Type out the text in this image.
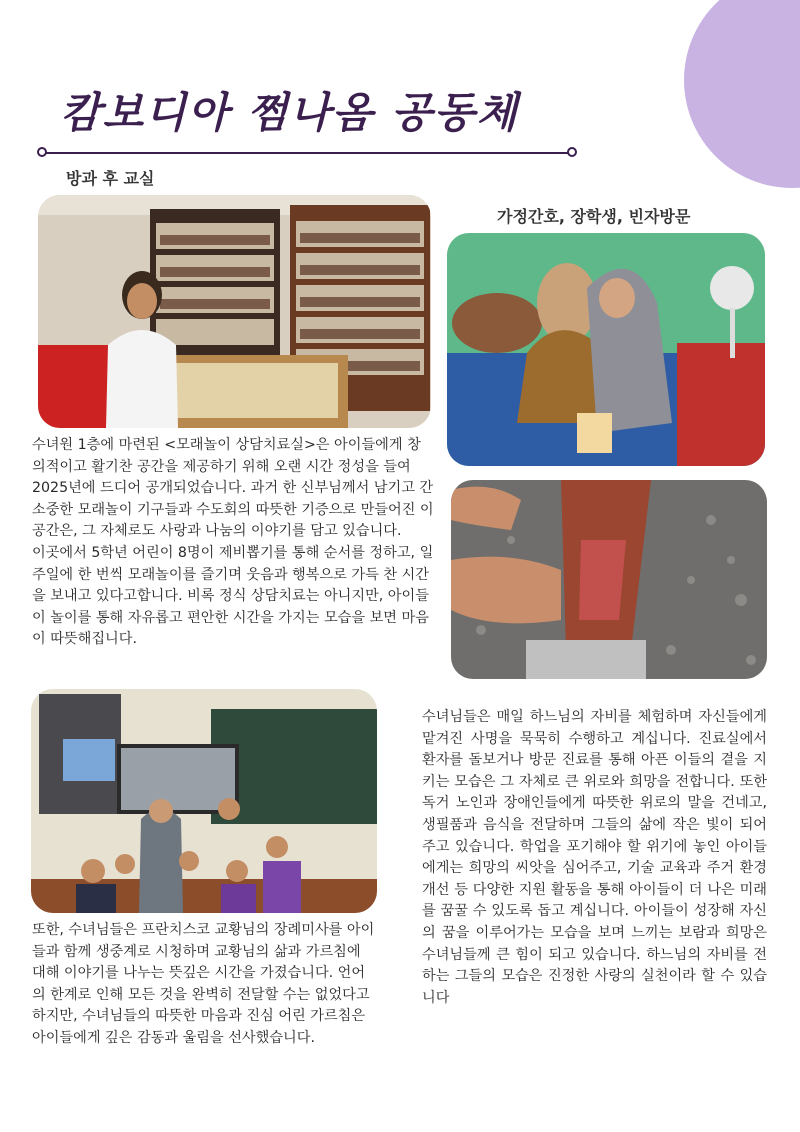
캄보디아 쩜나옴 공동체
방과 후 교실
가정간호, 장학생, 빈자방문

수녀원 1층에 마련된 <모래놀이 상담치료실>은 아이들에게 창의적이고 활기찬 공간을 제공하기 위해 오랜 시간 정성을 들여 2025년에 드디어 공개되었습니다. 과거 한 신부님께서 남기고 간 소중한 모래놀이 기구들과 수도회의 따뜻한 기증으로 만들어진 이 공간은, 그 자체로도 사랑과 나눔의 이야기를 담고 있습니다.

이곳에서 5학년 어린이 8명이 제비뽑기를 통해 순서를 정하고, 일주일에 한 번씩 모래놀이를 즐기며 웃음과 행복으로 가득 찬 시간을 보내고 있다고합니다. 비록 정식 상담치료는 아니지만, 아이들이 놀이를 통해 자유롭고 편안한 시간을 가지는 모습을 보면 마음이 따뜻해집니다.

또한, 수녀님들은 프란치스코 교황님의 장례미사를 아이들과 함께 생중계로 시청하며 교황님의 삶과 가르침에 대해 이야기를 나누는 뜻깊은 시간을 가졌습니다. 언어의 한계로 인해 모든 것을 완벽히 전달할 수는 없었다고 하지만, 수녀님들의 따뜻한 마음과 진심 어린 가르침은 아이들에게 깊은 감동과 울림을 선사했습니다.

수녀님들은 매일 하느님의 자비를 체험하며 자신들에게 맡겨진 사명을 묵묵히 수행하고 계십니다. 진료실에서 환자를 돌보거나 방문 진료를 통해 아픈 이들의 곁을 지키는 모습은 그 자체로 큰 위로와 희망을 전합니다. 또한 독거 노인과 장애인들에게 따뜻한 위로의 말을 건네고, 생필품과 음식을 전달하며 그들의 삶에 작은 빛이 되어 주고 있습니다. 학업을 포기해야 할 위기에 놓인 아이들에게는 희망의 씨앗을 심어주고, 기술 교육과 주거 환경 개선 등 다양한 지원 활동을 통해 아이들이 더 나은 미래를 꿈꿀 수 있도록 돕고 계십니다. 아이들이 성장해 자신의 꿈을 이루어가는 모습을 보며 느끼는 보람과 희망은 수녀님들께 큰 힘이 되고 있습니다. 하느님의 자비를 전하는 그들의 모습은 진정한 사랑의 실천이라 할 수 있습니다
